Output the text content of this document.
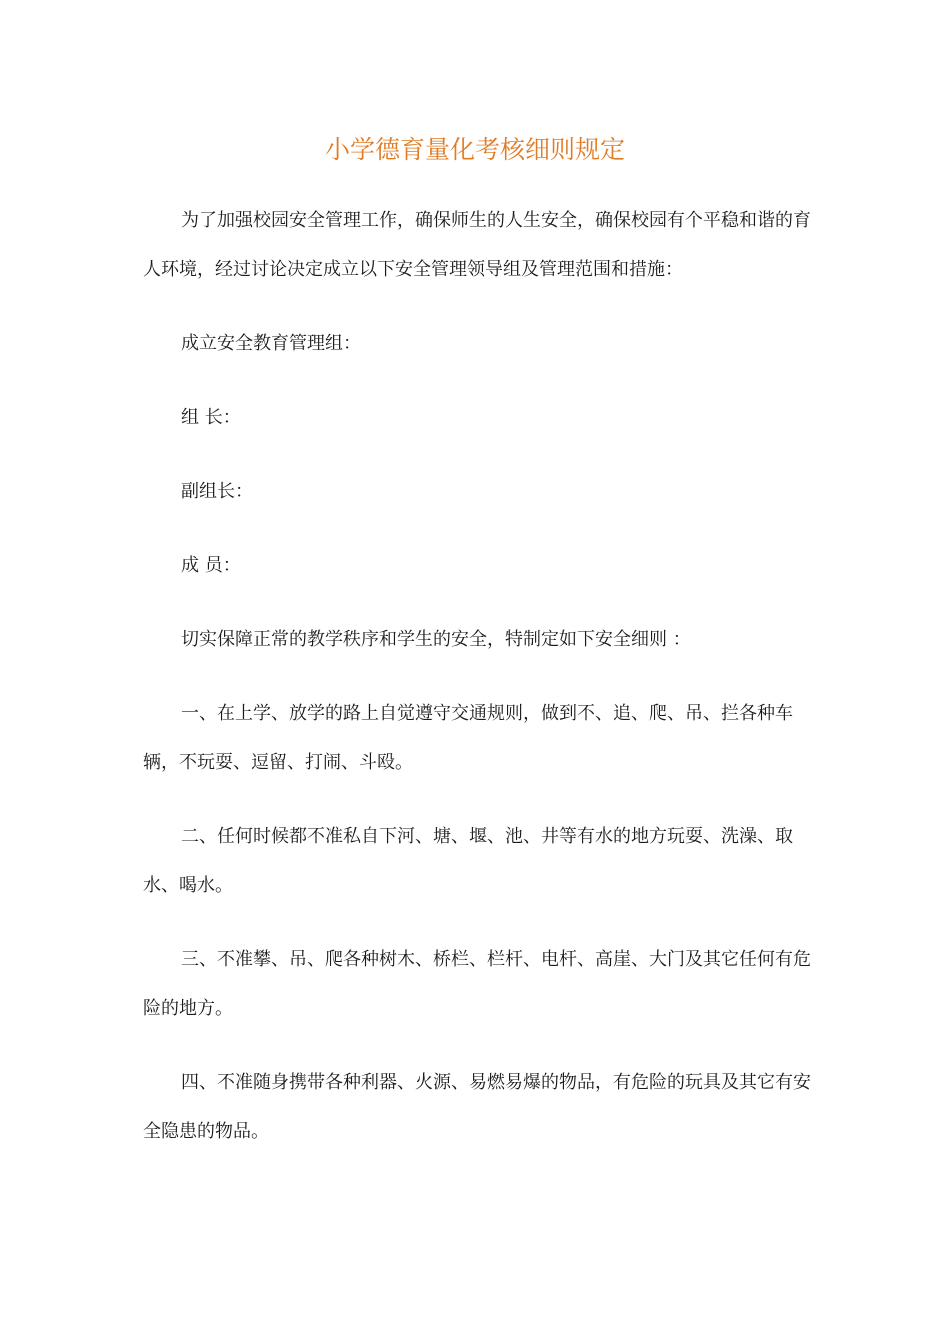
小学德育量化考核细则规定

为了加强校园安全管理工作，确保师生的人生安全，确保校园有个平稳和谐的育人环境，经过讨论决定成立以下安全管理领导组及管理范围和措施：

成立安全教育管理组：

组 长：

副组长：

成 员：

切实保障正常的教学秩序和学生的安全，特制定如下安全细则 ：

一、在上学、放学的路上自觉遵守交通规则，做到不、追、爬、吊、拦各种车辆，不玩耍、逗留、打闹、斗殴。

二、任何时候都不准私自下河、塘、堰、池、井等有水的地方玩耍、洗澡、取水、喝水。

三、不准攀、吊、爬各种树木、桥栏、栏杆、电杆、高崖、大门及其它任何有危险的地方。

四、不准随身携带各种利器、火源、易燃易爆的物品，有危险的玩具及其它有安全隐患的物品。
